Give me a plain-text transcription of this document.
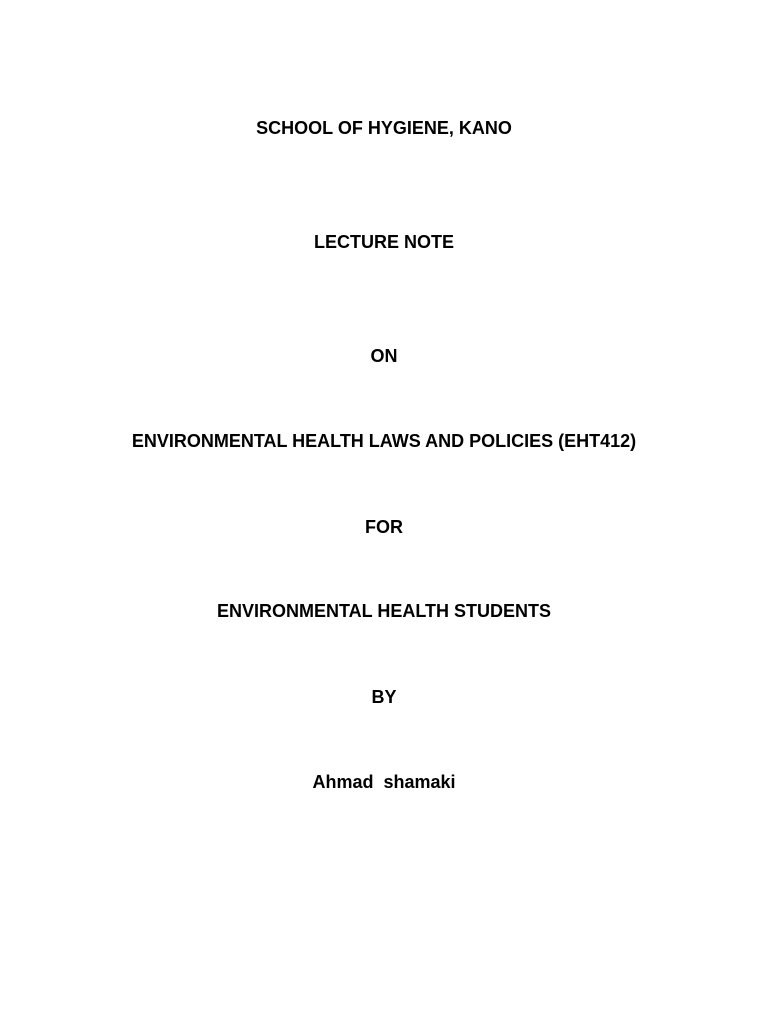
SCHOOL OF HYGIENE, KANO
LECTURE NOTE
ON
ENVIRONMENTAL HEALTH LAWS AND POLICIES (EHT412)
FOR
ENVIRONMENTAL HEALTH STUDENTS
BY
Ahmad  shamaki
